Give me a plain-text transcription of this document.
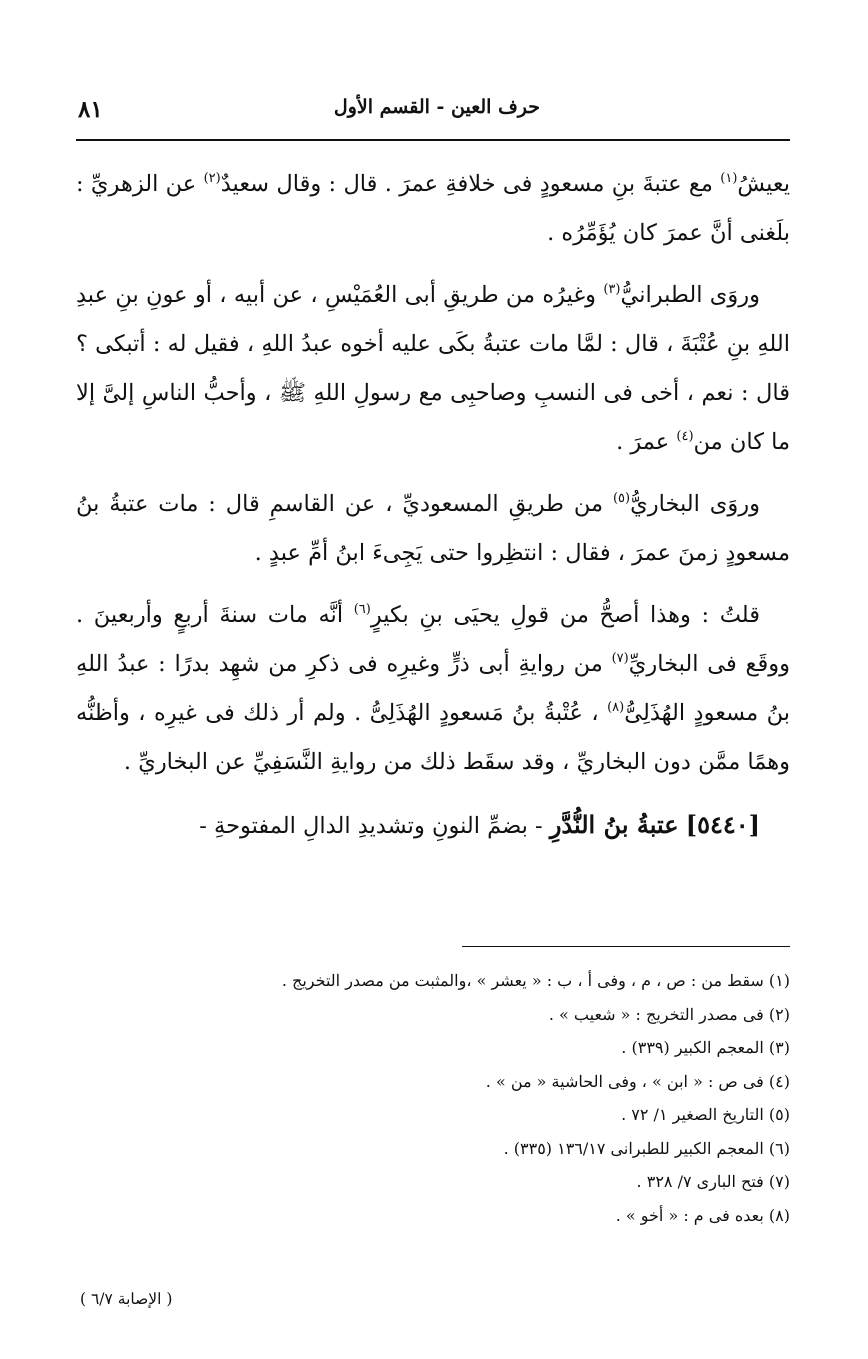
٨١	حرف العين - القسم الأول

يعيشُ$^{(١)}$ مع عتبةَ بنِ مسعودٍ فى خلافةِ عمرَ . قال : وقال سعيدٌ$^{(٢)}$ عن الزهريِّ : بلَغنى أنَّ عمرَ كان يُؤَمِّرُه .

وروَى الطبرانيُّ$^{(٣)}$ وغيرُه من طريقِ أبى العُمَيْسِ ، عن أبيه ، أو عونِ بنِ عبدِ اللهِ بنِ عُتْبَةَ ، قال : لمَّا مات عتبةُ بكَى عليه أخوه عبدُ اللهِ ، فقيل له : أتبكى ؟ قال : نعم ، أخى فى النسبِ وصاحبِى مع رسولِ اللهِ ﷺ ، وأحبُّ الناسِ إلىَّ إلا ما كان من$^{(٤)}$ عمرَ .

وروَى البخاريُّ$^{(٥)}$ من طريقِ المسعوديِّ ، عن القاسمِ قال : مات عتبةُ بنُ مسعودٍ زمنَ عمرَ ، فقال : انتظِروا حتى يَجِىءَ ابنُ أمِّ عبدٍ .

قلتُ : وهذا أصحُّ من قولِ يحيَى بنِ بكيرٍ$^{(٦)}$ أنَّه مات سنةَ أربعٍ وأربعينَ . ووقَع فى البخاريِّ$^{(٧)}$ من روايةِ أبى ذرٍّ وغيرِه فى ذكرِ من شهِد بدرًا : عبدُ اللهِ بنُ مسعودٍ الهُذَلِىُّ$^{(٨)}$ ، عُتْبةُ بنُ مَسعودٍ الهُذَلِىُّ . ولم أر ذلك فى غيرِه ، وأظنُّه وهمًا ممَّن دون البخاريِّ ، وقد سقَط ذلك من روايةِ النَّسَفِيِّ عن البخاريِّ .

[٥٤٤٠] عتبةُ بنُ النُّدَّرِ - بضمِّ النونِ وتشديدِ الدالِ المفتوحةِ -

(١) سقط من : ص ، م ، وفى أ ، ب : « يعشر » ،والمثبت من مصدر التخريج .
(٢) فى مصدر التخريج : « شعيب » .
(٣) المعجم الكبير (٣٣٩) .
(٤) فى ص : « ابن » ، وفى الحاشية « من » .
(٥) التاريخ الصغير ١/ ٧٢ .
(٦) المعجم الكبير للطبرانى ١٣٦/١٧ (٣٣٥) .
(٧) فتح البارى ٧/ ٣٢٨ .
(٨) بعده فى م : « أخو » .
( الإصابة ٦/٧ )
